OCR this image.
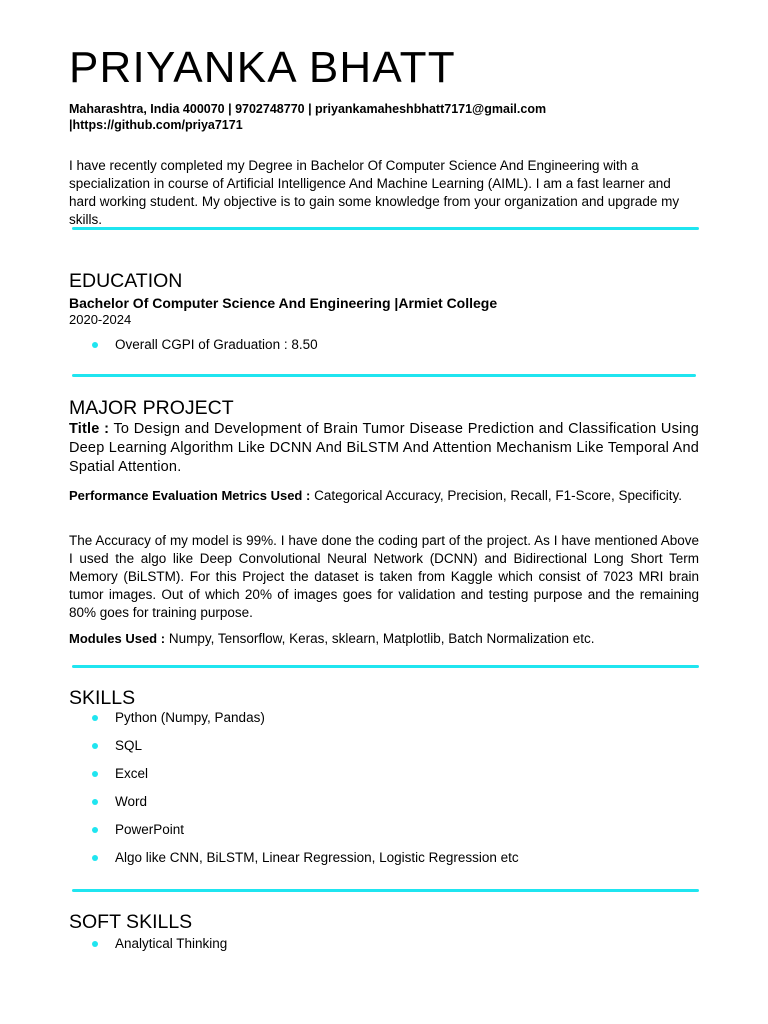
PRIYANKA BHATT
Maharashtra, India 400070 | 9702748770 | priyankamaheshbhatt7171@gmail.com
|https://github.com/priya7171
I have recently completed my Degree in Bachelor Of Computer Science And Engineering with a specialization in course of Artificial Intelligence And Machine Learning (AIML). I am a fast learner and hard working student. My objective is to gain some knowledge from your organization and upgrade my skills.
EDUCATION
Bachelor Of Computer Science And Engineering |Armiet College
2020-2024
Overall CGPI of Graduation : 8.50
MAJOR PROJECT
Title : To Design and Development of Brain Tumor Disease Prediction and Classification Using Deep Learning Algorithm Like DCNN And BiLSTM And Attention Mechanism Like Temporal And Spatial Attention.
Performance Evaluation Metrics Used : Categorical Accuracy, Precision, Recall, F1-Score, Specificity.
The Accuracy of my model is 99%. I have done the coding part of the project. As I have mentioned Above I used the algo like Deep Convolutional Neural Network (DCNN) and Bidirectional Long Short Term Memory (BiLSTM). For this Project the dataset is taken from Kaggle which consist of 7023 MRI brain tumor images. Out of which 20% of images goes for validation and testing purpose and the remaining 80% goes for training purpose.
Modules Used : Numpy, Tensorflow, Keras, sklearn, Matplotlib, Batch Normalization etc.
SKILLS
Python (Numpy, Pandas)
SQL
Excel
Word
PowerPoint
Algo like CNN, BiLSTM, Linear Regression, Logistic Regression etc
SOFT SKILLS
Analytical Thinking
